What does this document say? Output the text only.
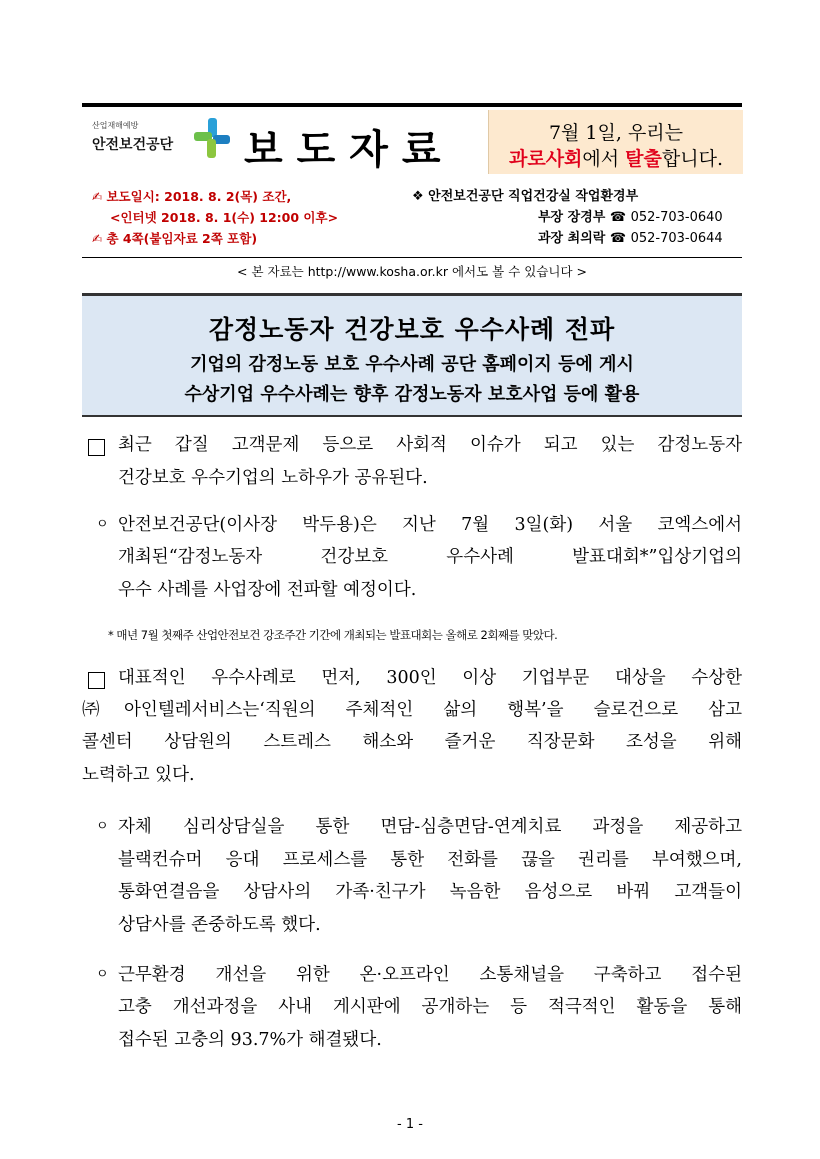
산업재해예방
안전보건공단 보도자료	7월 1일, 우리는
과로사회에서 탈출합니다.
✍ 보도일시: 2018. 8. 2(목) 조간,
<인터넷 2018. 8. 1(수) 12:00 이후>
✍ 총 4쪽(붙임자료 2쪽 포함)
❖ 안전보건공단 직업건강실 작업환경부
부장 장경부 ☎ 052-703-0640
과장 최의락 ☎ 052-703-0644
< 본 자료는 http://www.kosha.or.kr 에서도 볼 수 있습니다 >
감정노동자 건강보호 우수사례 전파
기업의 감정노동 보호 우수사례 공단 홈페이지 등에 게시
수상기업 우수사례는 향후 감정노동자 보호사업 등에 활용
최근 갑질 고객문제 등으로 사회적 이슈가 되고 있는 감정노동자
건강보호 우수기업의 노하우가 공유된다.
ㅇ 안전보건공단(이사장 박두용)은 지난 7월 3일(화) 서울 코엑스에서
개최된“감정노동자 건강보호 우수사례 발표대회*”입상기업의
우수 사례를 사업장에 전파할 예정이다.
* 매년 7월 첫째주 산업안전보건 강조주간 기간에 개최되는 발표대회는 올해로 2회째를 맞았다.
대표적인 우수사례로 먼저, 300인 이상 기업부문 대상을 수상한
㈜아인텔레서비스는‘직원의 주체적인 삶의 행복’을 슬로건으로 삼고
콜센터 상담원의 스트레스 해소와 즐거운 직장문화 조성을 위해
노력하고 있다.
ㅇ 자체 심리상담실을 통한 면담-심층면담-연계치료 과정을 제공하고
블랙컨슈머 응대 프로세스를 통한 전화를 끊을 권리를 부여했으며,
통화연결음을 상담사의 가족·친구가 녹음한 음성으로 바꿔 고객들이
상담사를 존중하도록 했다.
ㅇ 근무환경 개선을 위한 온·오프라인 소통채널을 구축하고 접수된
고충 개선과정을 사내 게시판에 공개하는 등 적극적인 활동을 통해
접수된 고충의 93.7%가 해결됐다.
- 1 -
